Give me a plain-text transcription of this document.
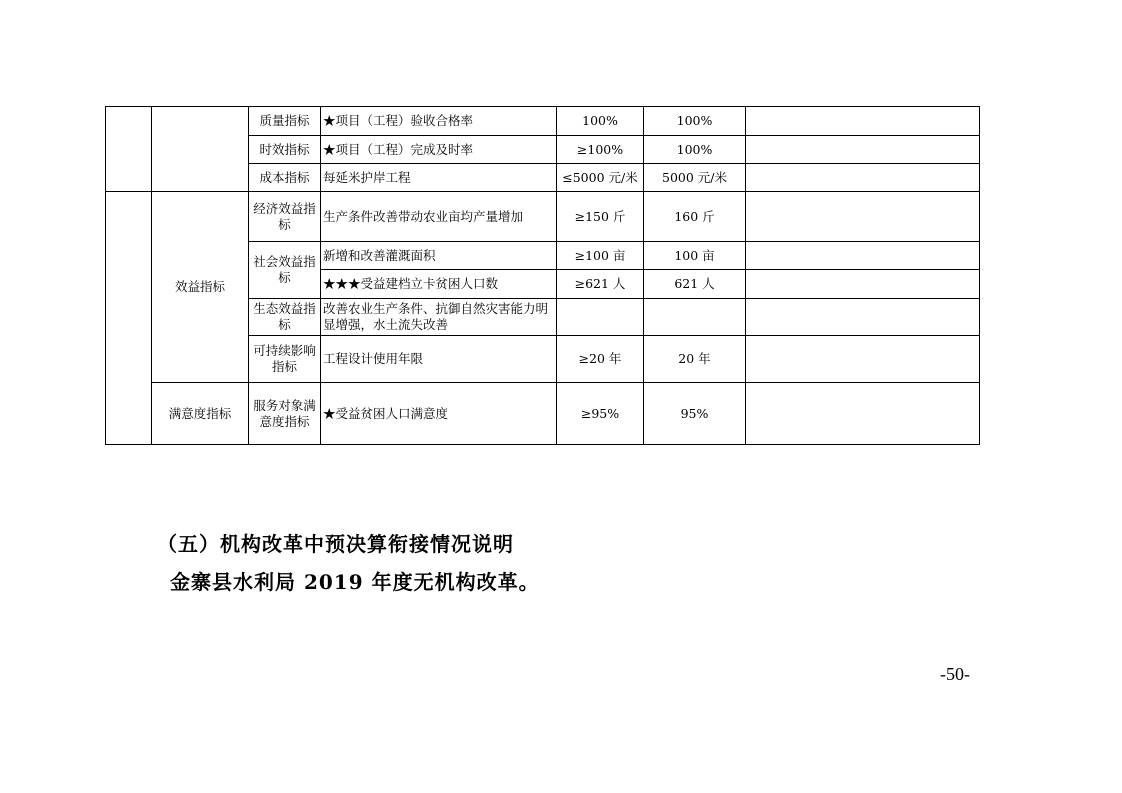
		质量指标	★项目（工程）验收合格率	100%	100%	
		时效指标	★项目（工程）完成及时率	≥100%	100%	
		成本指标	每延米护岸工程	≤5000 元/米	5000 元/米	
	效益指标	经济效益指标	生产条件改善带动农业亩均产量增加	≥150 斤	160 斤	
		社会效益指标	新增和改善灌溉面积	≥100 亩	100 亩	
			★★★受益建档立卡贫困人口数	≥621 人	621 人	
		生态效益指标	改善农业生产条件、抗御自然灾害能力明显增强，水土流失改善			
		可持续影响指标	工程设计使用年限	≥20 年	20 年	
	满意度指标	服务对象满意度指标	★受益贫困人口满意度	≥95%	95%	
（五）机构改革中预决算衔接情况说明
金寨县水利局 2019 年度无机构改革。
-50-
